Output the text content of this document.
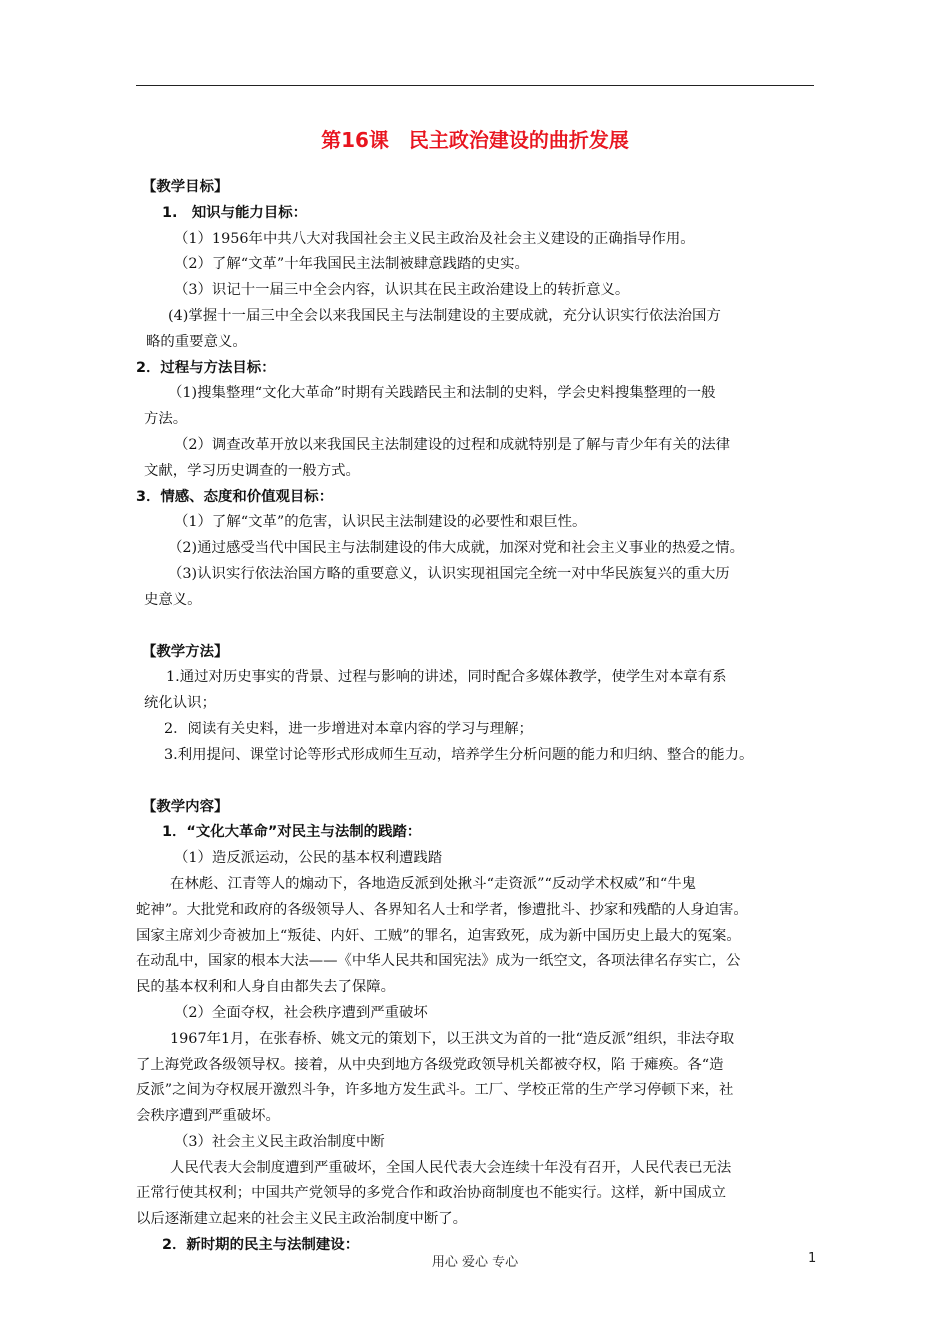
第16课　民主政治建设的曲折发展
【教学目标】
1.　知识与能力目标：
（1）1956年中共八大对我国社会主义民主政治及社会主义建设的正确指导作用。
（2）了解“文革”十年我国民主法制被肆意践踏的史实。
（3）识记十一届三中全会内容，认识其在民主政治建设上的转折意义。
(4)掌握十一届三中全会以来我国民主与法制建设的主要成就，充分认识实行依法治国方
略的重要意义。
2．过程与方法目标：
（1)搜集整理“文化大革命”时期有关践踏民主和法制的史料，学会史料搜集整理的一般
方法。
（2）调查改革开放以来我国民主法制建设的过程和成就特别是了解与青少年有关的法律
文献，学习历史调查的一般方式。
3．情感、态度和价值观目标：
（1）了解“文革”的危害，认识民主法制建设的必要性和艰巨性。
（2)通过感受当代中国民主与法制建设的伟大成就，加深对党和社会主义事业的热爱之情。
（3)认识实行依法治国方略的重要意义，认识实现祖国完全统一对中华民族复兴的重大历
史意义。
【教学方法】
1.通过对历史事实的背景、过程与影响的讲述，同时配合多媒体教学，使学生对本章有系
统化认识；
2．阅读有关史料，进一步增进对本章内容的学习与理解；
3.利用提问、课堂讨论等形式形成师生互动，培养学生分析问题的能力和归纳、整合的能力。
【教学内容】
1．“文化大革命”对民主与法制的践踏：
（1）造反派运动，公民的基本权利遭践踏
在林彪、江青等人的煽动下，各地造反派到处揪斗“走资派”“反动学术权威”和“牛鬼
蛇神”。大批党和政府的各级领导人、各界知名人士和学者，惨遭批斗、抄家和残酷的人身迫害。
国家主席刘少奇被加上“叛徒、内奸、工贼”的罪名，迫害致死，成为新中国历史上最大的冤案。
在动乱中，国家的根本大法——《中华人民共和国宪法》成为一纸空文，各项法律名存实亡，公
民的基本权利和人身自由都失去了保障。
（2）全面夺权，社会秩序遭到严重破坏
1967年1月，在张春桥、姚文元的策划下，以王洪文为首的一批“造反派”组织，非法夺取
了上海党政各级领导权。接着，从中央到地方各级党政领导机关都被夺权，陷 于瘫痪。各“造
反派”之间为夺权展开激烈斗争，许多地方发生武斗。工厂、学校正常的生产学习停顿下来，社
会秩序遭到严重破坏。
（3）社会主义民主政治制度中断
人民代表大会制度遭到严重破坏，全国人民代表大会连续十年没有召开，人民代表已无法
正常行使其权利；中国共产党领导的多党合作和政治协商制度也不能实行。这样，新中国成立
以后逐渐建立起来的社会主义民主政治制度中断了。
2．新时期的民主与法制建设：
用心 爱心 专心	1
